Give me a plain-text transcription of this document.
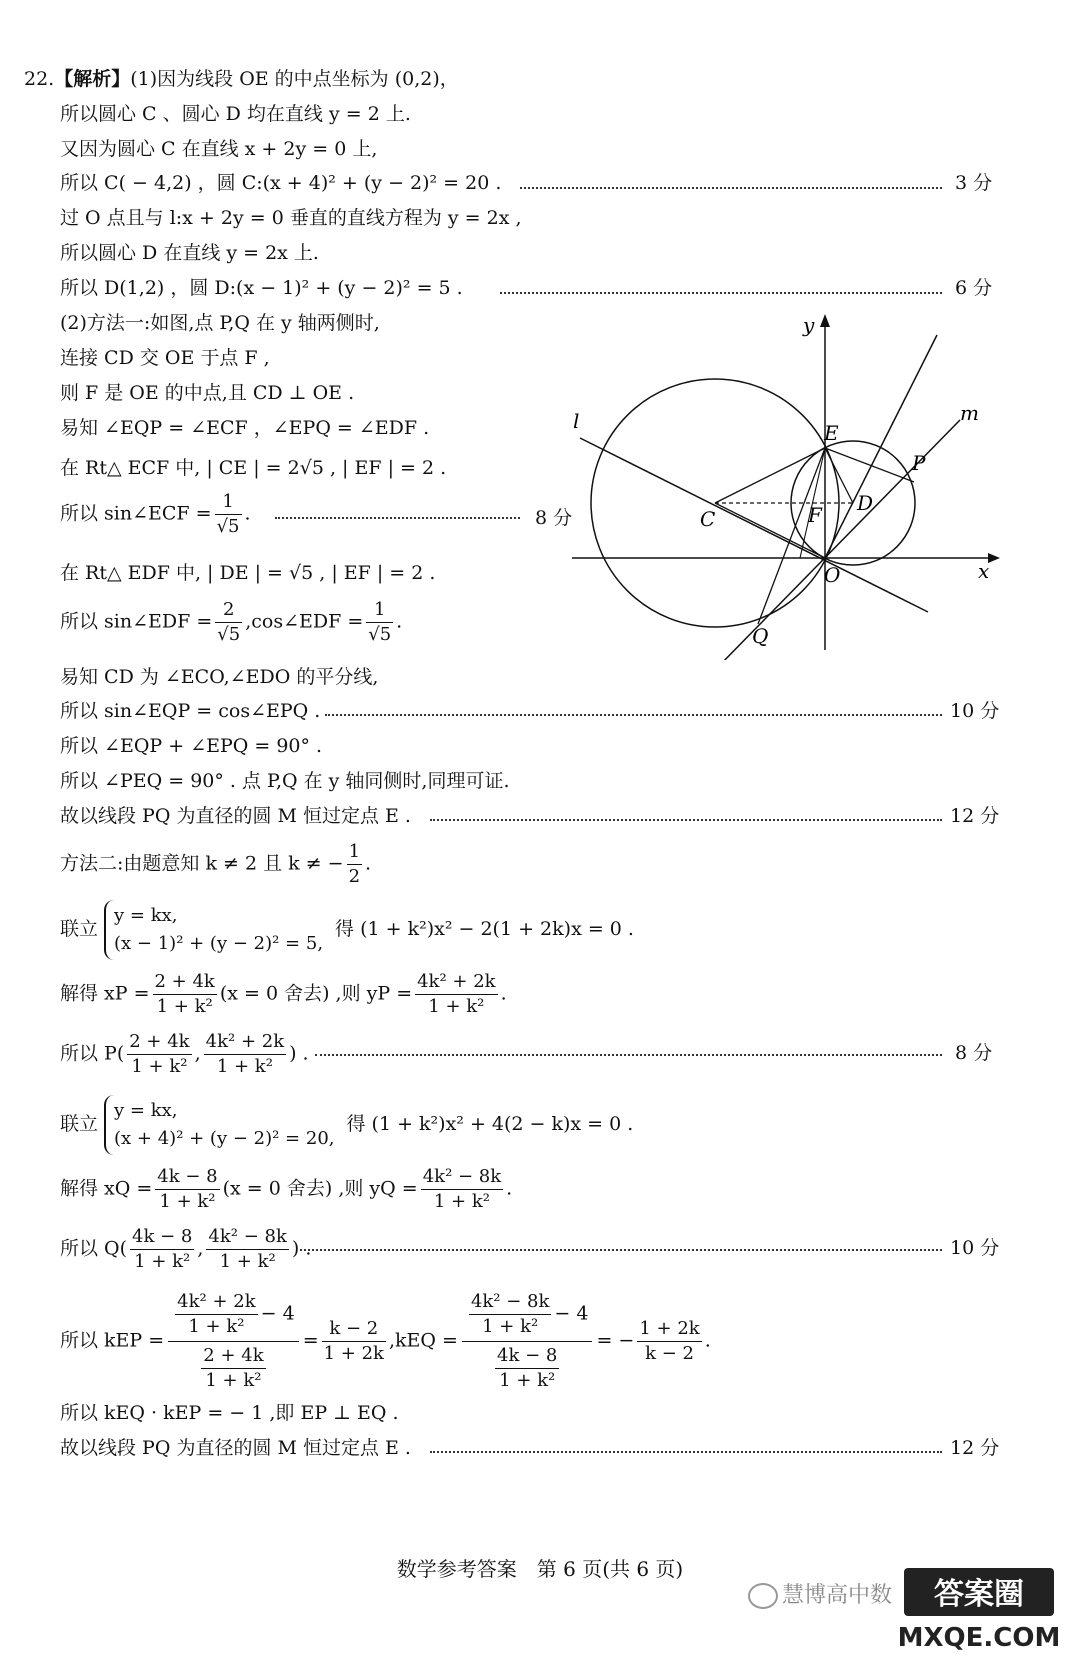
22.【解析】(1)因为线段 OE 的中点坐标为 (0,2)，
所以圆心 C 、圆心 D 均在直线 y = 2 上.
又因为圆心 C 在直线 x + 2y = 0 上,
所以 C( − 4,2) ，圆 C:(x + 4)² + (y − 2)² = 20 .	3 分
过 O 点且与 l:x + 2y = 0 垂直的直线方程为 y = 2x ,
所以圆心 D 在直线 y = 2x 上.
所以 D(1,2) ，圆 D:(x − 1)² + (y − 2)² = 5 .	6 分
(2)方法一:如图,点 P,Q 在 y 轴两侧时,
连接 CD 交 OE 于点 F ,
则 F 是 OE 的中点,且 CD ⊥ OE .
易知 ∠EQP = ∠ECF ，∠EPQ = ∠EDF .
在 Rt△ ECF 中, | CE | = 2√5 , | EF | = 2 .
所以 sin∠ECF = $\frac{1}{√5}$ .	8 分
在 Rt△ EDF 中, | DE | = √5 , | EF | = 2 .
所以 sin∠EDF = $\frac{2}{√5}$ ,cos∠EDF = $\frac{1}{√5}$ .
易知 CD 为 ∠ECO,∠EDO 的平分线,
所以 sin∠EQP = cos∠EPQ .	10 分
所以 ∠EQP + ∠EPQ = 90° .
所以 ∠PEQ = 90° . 点 P,Q 在 y 轴同侧时,同理可证.
故以线段 PQ 为直径的圆 M 恒过定点 E .	12 分
方法二:由题意知 k ≠ 2 且 k ≠ − $\frac{1}{2}$ .
联立
y = kx,
(x − 1)² + (y − 2)² = 5,
得 (1 + k²)x² − 2(1 + 2k)x = 0 .
解得 xP = $\frac{2 + 4k}{\text{1 + k²}} (x = 0$ 舍去) ,则 yP = $\frac{\text{4k² + 2k}}{\text{1 + k²}}$ .
所以 $P( \frac{2 + 4k}{\text{1 + k²}}$ , $\frac{\text{4k² + 2k}}{\text{1 + k²}}$ ) .	8 分
联立
y = kx,
(x + 4)² + (y − 2)² = 20,
得 (1 + k²)x² + 4(2 − k)x = 0 .
解得 xQ = $\frac{4k - 8}{\text{1 + k²}} (x = 0$ 舍去) ,则 yQ = $\frac{\text{4k² − 8k}}{\text{1 + k²}}$ .
所以 $Q( \frac{4k - 8}{\text{1 + k²}}$ , $\frac{\text{4k² − 8k}}{\text{1 + k²}}$ ) .	10 分
所以 kEP = $\frac{\frac{\text{4k² + 2k}}{\text{1 + k²}} - 4}{\frac{2 + 4k}{\text{1 + k²}}} = \frac{k - 2}{1 + 2k} ,kEQ = \frac{\frac{\text{4k² − 8k}}{\text{1 + k²}} - 4}{\frac{4k - 8}{\text{1 + k²}}}$ = − $\frac{1 + 2k}{k - 2}$ .
所以 kEQ · kEP = − 1 ,即 EP ⊥ EQ .
故以线段 PQ 为直径的圆 M 恒过定点 E .	12 分
y
x
l	m
E
P
D
F
C
O
Q
数学参考答案　第 6 页(共 6 页)
慧博高中数 答案圈
MXQE.COM
